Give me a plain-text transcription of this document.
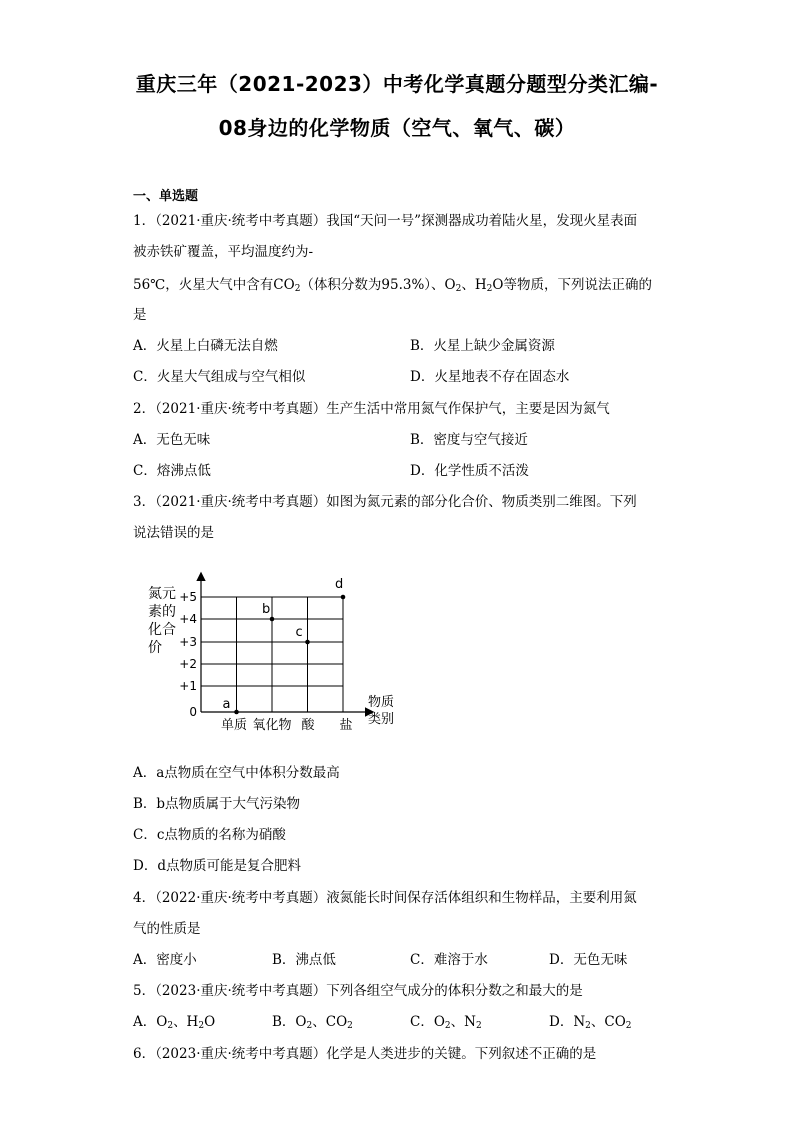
重庆三年（2021-2023）中考化学真题分题型分类汇编-
08身边的化学物质（空气、氧气、碳）
一、单选题
1．（2021·重庆·统考中考真题）我国“天问一号”探测器成功着陆火星，发现火星表面
被赤铁矿覆盖，平均温度约为-
56℃，火星大气中含有$CO_2$（体积分数为95.3%）、$O_2$、$H_2O$等物质，下列说法正确的
是
A．火星上白磷无法自燃	B．火星上缺少金属资源
C．火星大气组成与空气相似	D．火星地表不存在固态水
2．（2021·重庆·统考中考真题）生产生活中常用氮气作保护气，主要是因为氮气
A．无色无味	B．密度与空气接近
C．熔沸点低	D．化学性质不活泼
3．（2021·重庆·统考中考真题）如图为氮元素的部分化合价、物质类别二维图。下列
说法错误的是
氮元
素的
化合
价
物质
类别
+5
+4
+3
+2
+1
0
单质 氧化物 酸 盐
a
b
c
d
A．a点物质在空气中体积分数最高
B．b点物质属于大气污染物
C．c点物质的名称为硝酸
D．d点物质可能是复合肥料
4．（2022·重庆·统考中考真题）液氮能长时间保存活体组织和生物样品，主要利用氮
气的性质是
A．密度小	B．沸点低	C．难溶于水	D．无色无味
5．（2023·重庆·统考中考真题）下列各组空气成分的体积分数之和最大的是
A．$O_2$、$H_2O$	B．$O_2$、$CO_2$	C．$O_2$、$N_2$	D．$N_2$、$CO_2$
6．（2023·重庆·统考中考真题）化学是人类进步的关键。下列叙述不正确的是
